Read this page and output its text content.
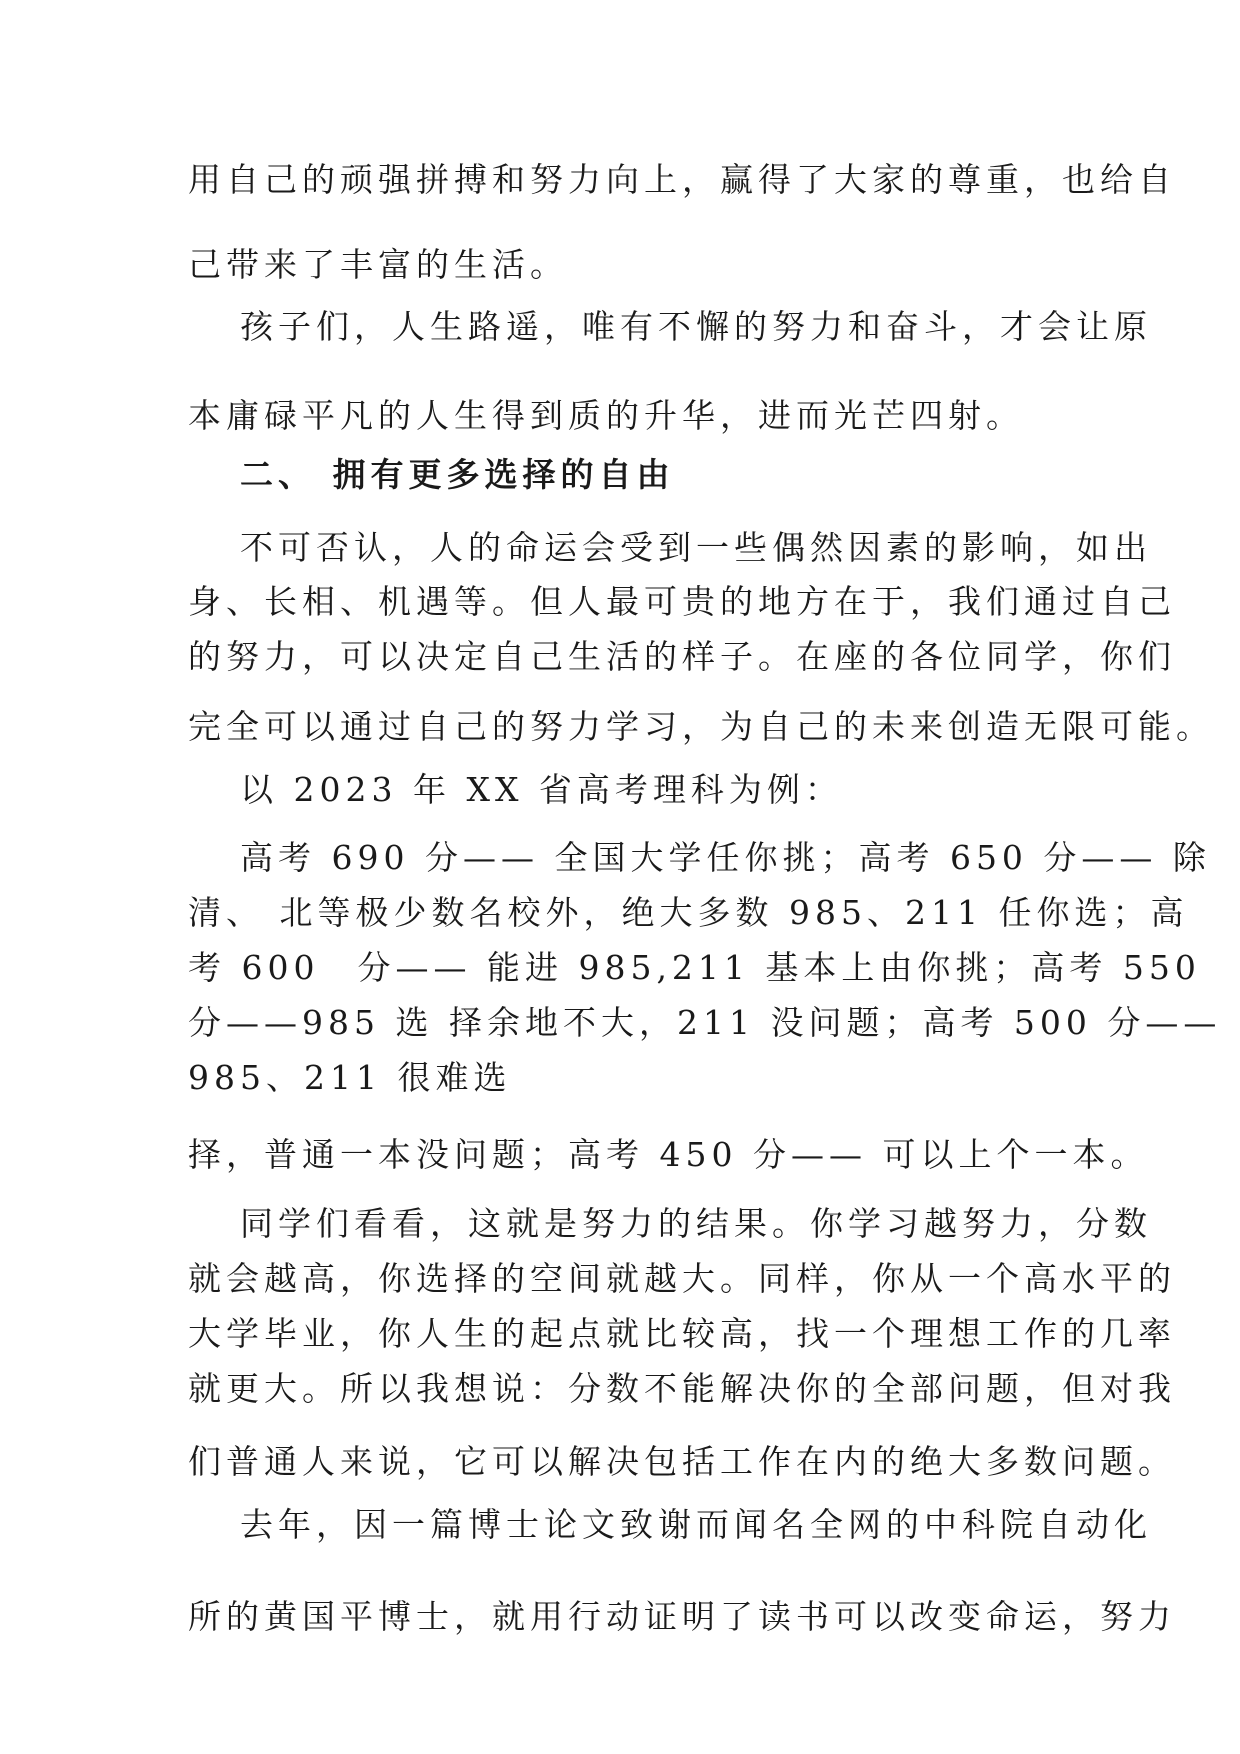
用自己的顽强拼搏和努力向上，赢得了大家的尊重，也给自
己带来了丰富的生活。
孩子们，人生路遥，唯有不懈的努力和奋斗，才会让原
本庸碌平凡的人生得到质的升华，进而光芒四射。
二、 拥有更多选择的自由
不可否认，人的命运会受到一些偶然因素的影响，如出
身、长相、机遇等。但人最可贵的地方在于，我们通过自己
的努力，可以决定自己生活的样子。在座的各位同学，你们
完全可以通过自己的努力学习，为自己的未来创造无限可能。
以 2023 年 XX 省高考理科为例：
高考 690 分—— 全国大学任你挑；高考 650 分—— 除
清、 北等极少数名校外，绝大多数 985、211 任你选；高
考 600　分—— 能进 985,211 基本上由你挑；高考 550
分——985 选 择余地不大，211 没问题；高考 500 分——
985、211 很难选
择，普通一本没问题；高考 450 分—— 可以上个一本。
同学们看看，这就是努力的结果。你学习越努力，分数
就会越高，你选择的空间就越大。同样，你从一个高水平的
大学毕业，你人生的起点就比较高，找一个理想工作的几率
就更大。所以我想说：分数不能解决你的全部问题，但对我
们普通人来说，它可以解决包括工作在内的绝大多数问题。
去年，因一篇博士论文致谢而闻名全网的中科院自动化
所的黄国平博士，就用行动证明了读书可以改变命运，努力
